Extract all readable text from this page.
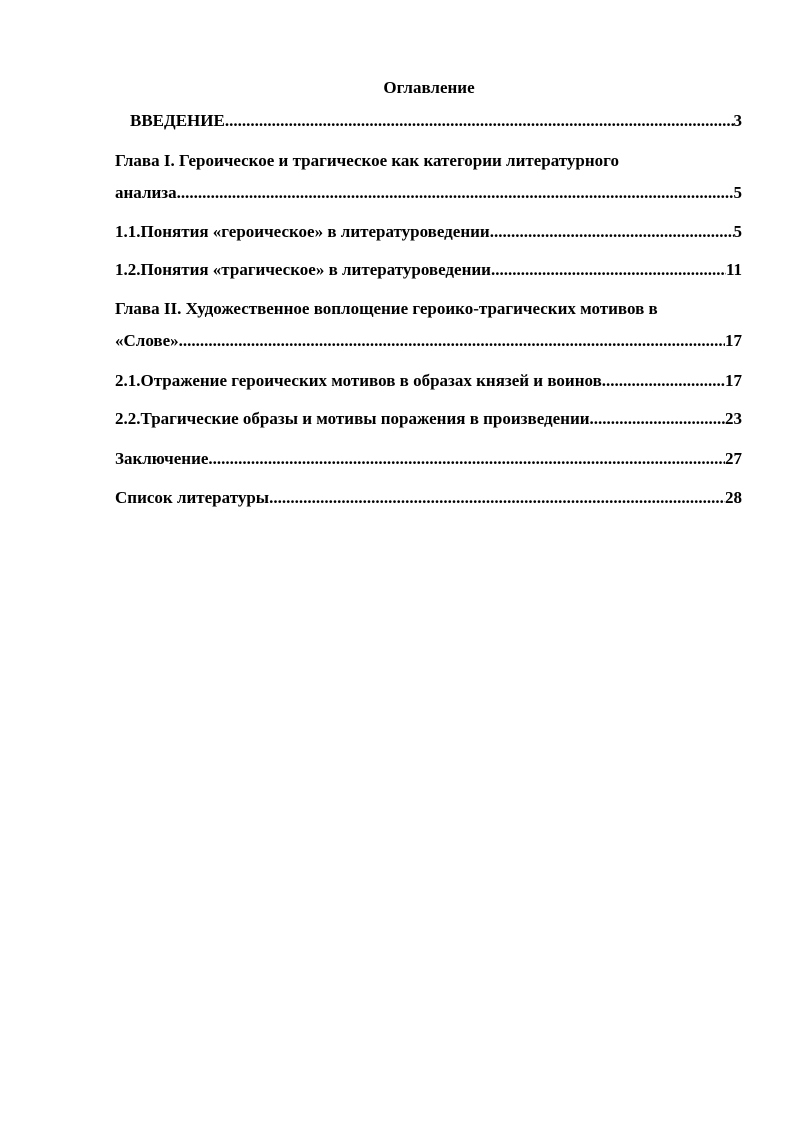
Оглавление
ВВЕДЕНИЕ .....	3
Глава I. Героическое и трагическое как категории литературного
анализа .....	5
1.1.Понятия «героическое» в литературоведении .....	5
1.2.Понятия «трагическое» в литературоведении .....	11
Глава II. Художественное воплощение героико-трагических мотивов в
«Слове» .....	17
2.1.Отражение героических мотивов в образах князей и воинов .....	17
2.2.Трагические образы и мотивы поражения в произведении .....	23
Заключение .....	27
Список литературы .....	28
